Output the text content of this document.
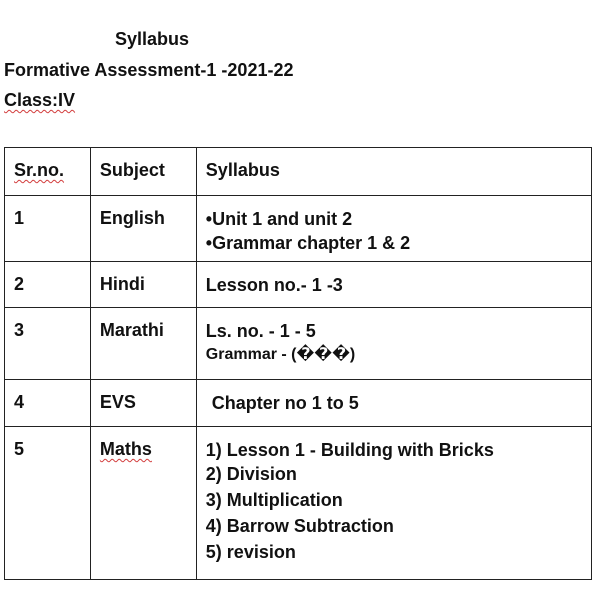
Syllabus
Formative Assessment-1 -2021-22
Class:IV
Sr.no.	Subject	Syllabus
1	English	• Unit 1 and unit 2
• Grammar chapter 1 & 2

2	Hindi	Lesson no.- 1 -3

3	Marathi	Ls. no. - 1 - 5
Grammar - (���)

4	EVS	Chapter no 1 to 5

5	Maths	1) Lesson 1 - Building with Bricks
2) Division
3) Multiplication
4) Barrow Subtraction
5) revision
